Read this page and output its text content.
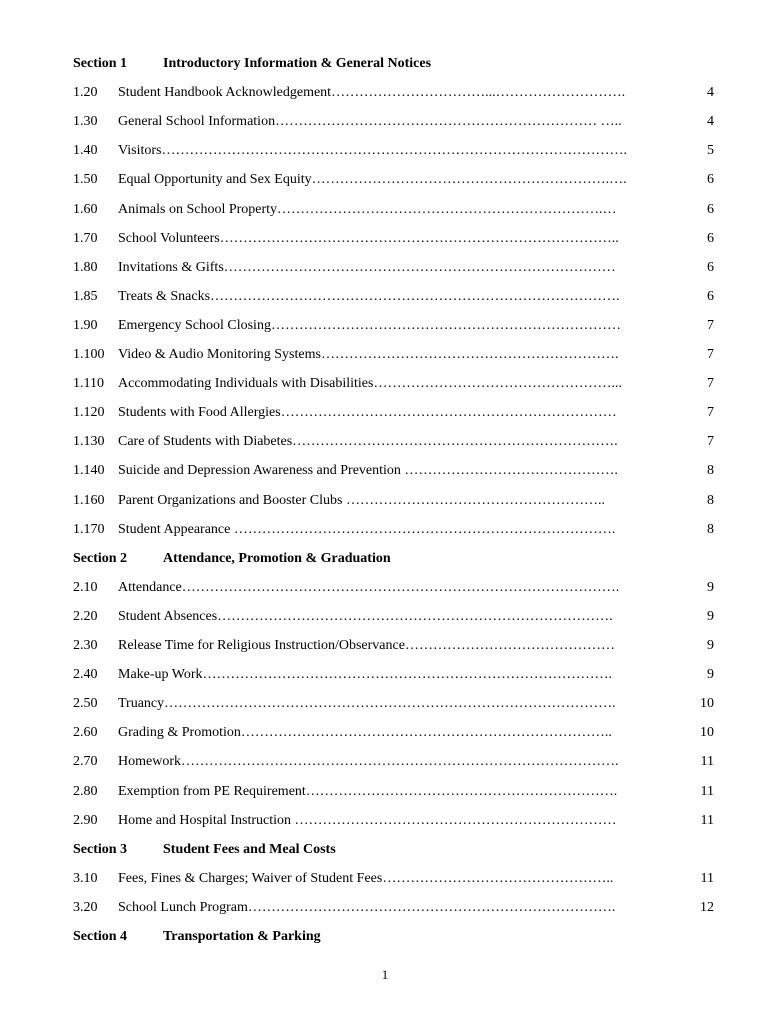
Section 1	Introductory Information & General Notices
1.20 Student Handbook Acknowledgement……………………………...……………………….	4
1.30 General School Information…………………………………………………………… …..	4
1.40 Visitors……………………………………………………………………………………….	5
1.50 Equal Opportunity and Sex Equity……………………………………………………….….	6
1.60 Animals on School Property…………………………………………………………….…	6
1.70 School Volunteers…………………………………………………………………………..	6
1.80 Invitations & Gifts…………………………………………………………………………	6
1.85 Treats & Snacks…………………………………………………………………………….	6
1.90 Emergency School Closing…………………………………………………………………	7
1.100 Video & Audio Monitoring Systems……………………………………………………….	7
1.110 Accommodating Individuals with Disabilities……………………………………………...	7
1.120 Students with Food Allergies………………………………………………………………	7
1.130 Care of Students with Diabetes…………………………………………………………….	7
1.140 Suicide and Depression Awareness and Prevention ……………………………………….	8
1.160 Parent Organizations and Booster Clubs ………………………………………………..	8
1.170 Student Appearance ……………………………………………………………………….	8
Section 2	Attendance, Promotion & Graduation
2.10 Attendance………………………………………………………………………………….	9
2.20 Student Absences………………………………………………………………………….	9
2.30 Release Time for Religious Instruction/Observance………………………………………	9
2.40 Make-up Work…………………………………………………………………………….	9
2.50 Truancy…………………………………………………………………………………….	10
2.60 Grading & Promotion……………………………………………………………………..	10
2.70 Homework………………………………………………………………………………….	11
2.80 Exemption from PE Requirement………………………………………………………….	11
2.90 Home and Hospital Instruction ……………………………………………………………	11
Section 3	Student Fees and Meal Costs
3.10 Fees, Fines & Charges; Waiver of Student Fees…………………………………………..	11
3.20 School Lunch Program…………………………………………………………………….	12
Section 4	Transportation & Parking
1
